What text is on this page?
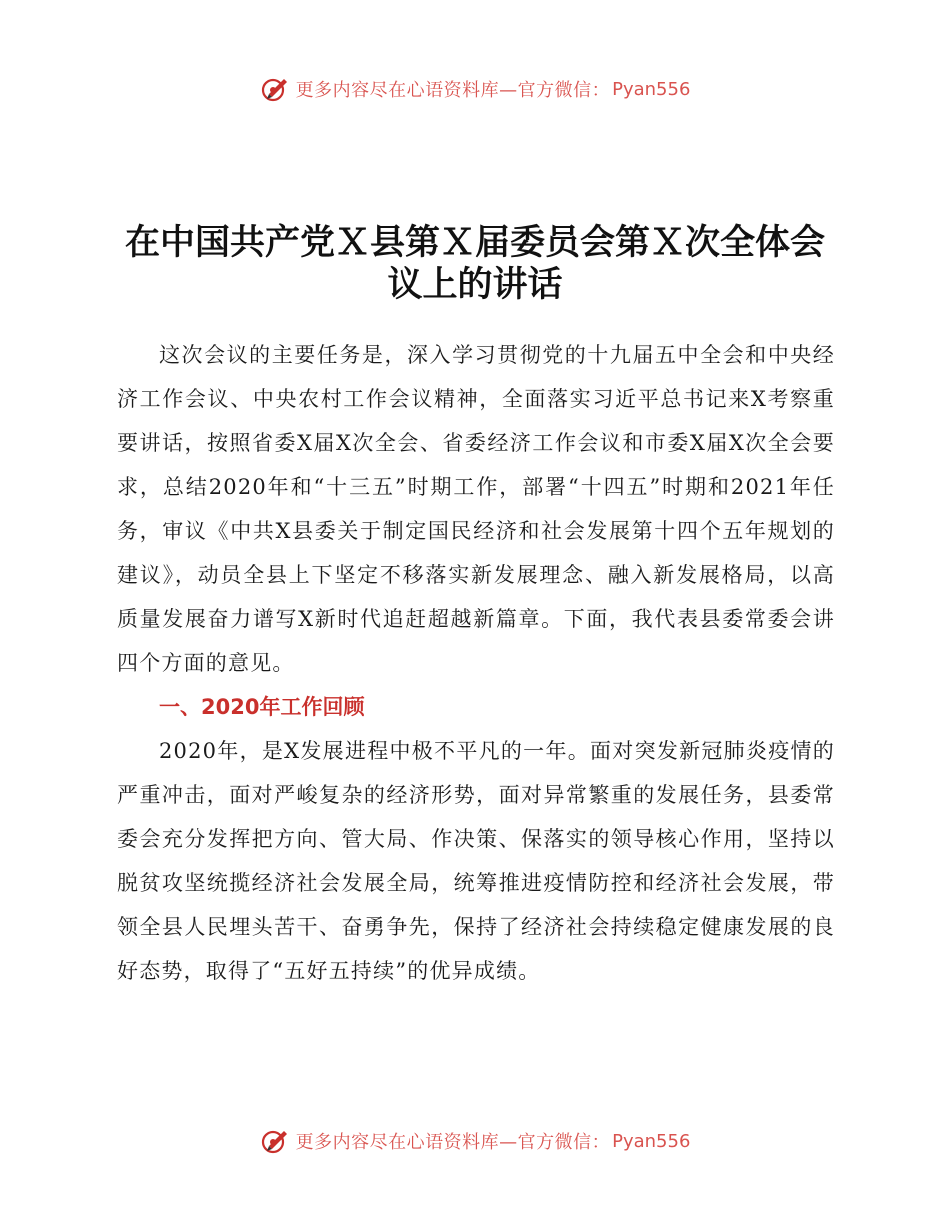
更多内容尽在心语资料库—官方微信： Pyan556
在中国共产党Ｘ县第Ｘ届委员会第Ｘ次全体会
议上的讲话

这次会议的主要任务是，深入学习贯彻党的十九届五中全会和中央经济工作会议、中央农村工作会议精神，全面落实习近平总书记来X考察重要讲话，按照省委X届X次全会、省委经济工作会议和市委X届X次全会要求，总结2020年和“十三五”时期工作，部署“十四五”时期和2021年任务，审议《中共X县委关于制定国民经济和社会发展第十四个五年规划的建议》，动员全县上下坚定不移落实新发展理念、融入新发展格局，以高质量发展奋力谱写X新时代追赶超越新篇章。下面，我代表县委常委会讲四个方面的意见。

一、2020年工作回顾

2020年，是X发展进程中极不平凡的一年。面对突发新冠肺炎疫情的严重冲击，面对严峻复杂的经济形势，面对异常繁重的发展任务，县委常委会充分发挥把方向、管大局、作决策、保落实的领导核心作用，坚持以脱贫攻坚统揽经济社会发展全局，统筹推进疫情防控和经济社会发展，带领全县人民埋头苦干、奋勇争先，保持了经济社会持续稳定健康发展的良好态势，取得了“五好五持续”的优异成绩。

更多内容尽在心语资料库—官方微信： Pyan556
